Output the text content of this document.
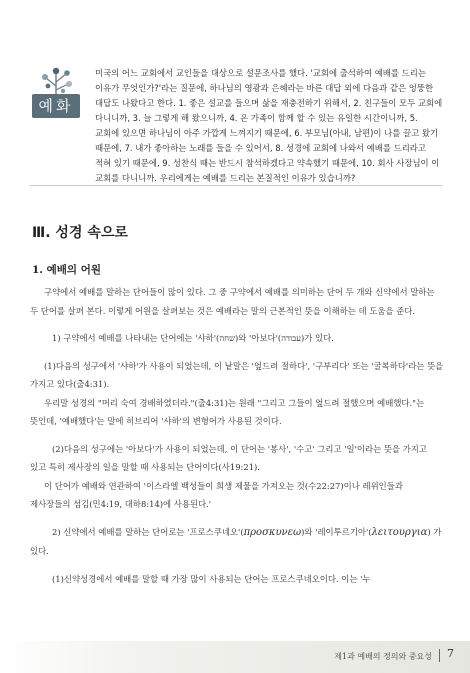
예화

미국의 어느 교회에서 교인들을 대상으로 설문조사를 했다. '교회에 출석하여 예배를 드리는 이유가 무엇인가?'라는 질문에, 하나님의 영광과 은혜라는 바른 대답 외에 다음과 같은 엉뚱한 대답도 나왔다고 한다. 1. 좋은 설교를 들으며 삶을 재충전하기 위해서, 2. 친구들이 모두 교회에 다니니까, 3. 늘 그렇게 해 왔으니까, 4. 온 가족이 함께 할 수 있는 유일한 시간이니까, 5. 교회에 있으면 하나님이 아주 가깝게 느껴지기 때문에, 6. 부모님(아내, 남편)이 나를 끌고 왔기 때문에, 7. 내가 좋아하는 노래를 들을 수 있어서, 8. 성경에 교회에 나와서 예배를 드리라고 적혀 있기 때문에, 9. 성찬식 때는 반드시 참석하겠다고 약속했기 때문에, 10. 회사 사장님이 이 교회를 다니니까. 우리에게는 예배를 드리는 본질적인 이유가 있습니까?

Ⅲ. 성경 속으로
1. 예배의 어원

구약에서 예배를 말하는 단어들이 많이 있다. 그 중 구약에서 예배를 의미하는 단어 두 개와 신약에서 말하는 두 단어를 살펴 본다. 이렇게 어원을 살펴보는 것은 예배라는 말의 근본적인 뜻을 이해하는 데 도움을 준다.

1) 구약에서 예배를 나타내는 단어에는 '샤하'(שחה)와 '아보다'(עבודה)가 있다.

(1)다음의 성구에서 '샤하'가 사용이 되었는데, 이 낱말은 '엎드려 절하다', '구부리다' 또는 '굴복하다'라는 뜻을 가지고 있다(출4:31).

우리말 성경의 "머리 숙여 경배하였더라."(출4:31)는 원래 "그리고 그들이 엎드려 절했으며 예배했다."는 뜻인데, '예배했다'는 말에 히브리어 '샤하'의 변형어가 사용된 것이다.

(2)다음의 성구에는 '아보다'가 사용이 되었는데, 이 단어는 '봉사', '수고' 그리고 '일'이라는 뜻을 가지고 있고 특히 제사장의 일을 말할 때 사용되는 단어이다(사19:21).

이 단어가 예배와 연관하여 '이스라엘 백성들이 희생 제물을 가져오는 것(수22:27)이나 레위인들과 제사장들의 섬김(민4:19, 대하8:14)에 사용된다.'

2) 신약에서 예배를 말하는 단어로는 '프로스쿠네오'(προσκυνεω)와 '레이투르기아'(λειτουργια) 가 있다.

(1)신약성경에서 예배를 말할 때 가장 많이 사용되는 단어는 프로스쿠네오이다. 이는 '누

제1과 예배의 정의와 중요성 7
